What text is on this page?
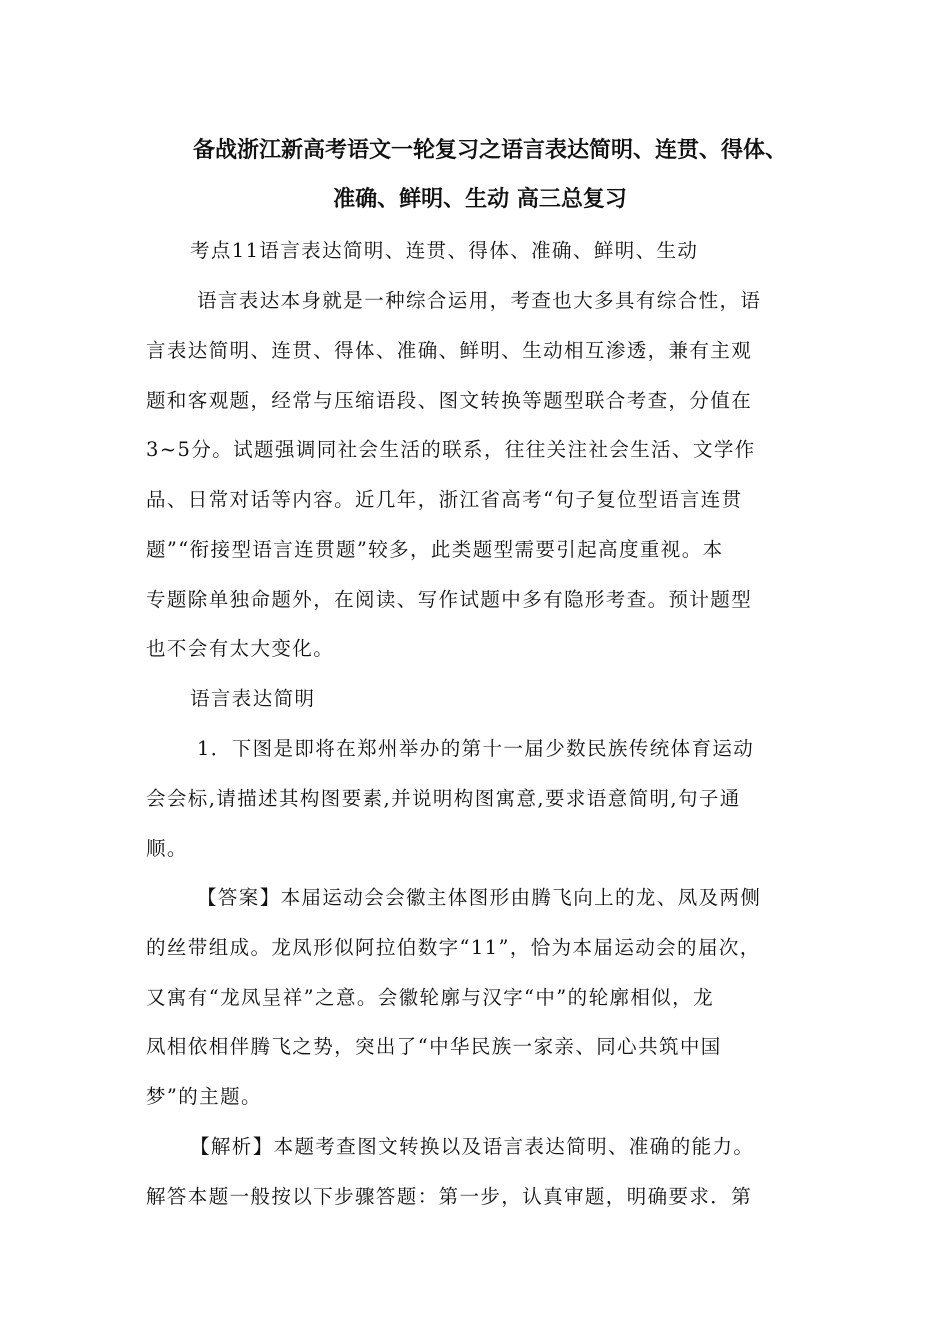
备战浙江新高考语文一轮复习之语言表达简明、连贯、得体、
准确、鲜明、生动 高三总复习
考点11语言表达简明、连贯、得体、准确、鲜明、生动
语言表达本身就是一种综合运用，考查也大多具有综合性，语
言表达简明、连贯、得体、准确、鲜明、生动相互渗透，兼有主观
题和客观题，经常与压缩语段、图文转换等题型联合考查，分值在
3~5分。试题强调同社会生活的联系，往往关注社会生活、文学作
品、日常对话等内容。近几年，浙江省高考“句子复位型语言连贯
题”“衔接型语言连贯题”较多，此类题型需要引起高度重视。本
专题除单独命题外，在阅读、写作试题中多有隐形考查。预计题型
也不会有太大变化。
语言表达简明
1．下图是即将在郑州举办的第十一届少数民族传统体育运动
会会标,请描述其构图要素,并说明构图寓意,要求语意简明,句子通
顺。
【答案】本届运动会会徽主体图形由腾飞向上的龙、凤及两侧
的丝带组成。龙凤形似阿拉伯数字“11”，恰为本届运动会的届次，
又寓有“龙凤呈祥”之意。会徽轮廓与汉字“中”的轮廓相似，龙
凤相依相伴腾飞之势，突出了“中华民族一家亲、同心共筑中国
梦”的主题。
【解析】本题考查图文转换以及语言表达简明、准确的能力。
解答本题一般按以下步骤答题：第一步，认真审题，明确要求．第
